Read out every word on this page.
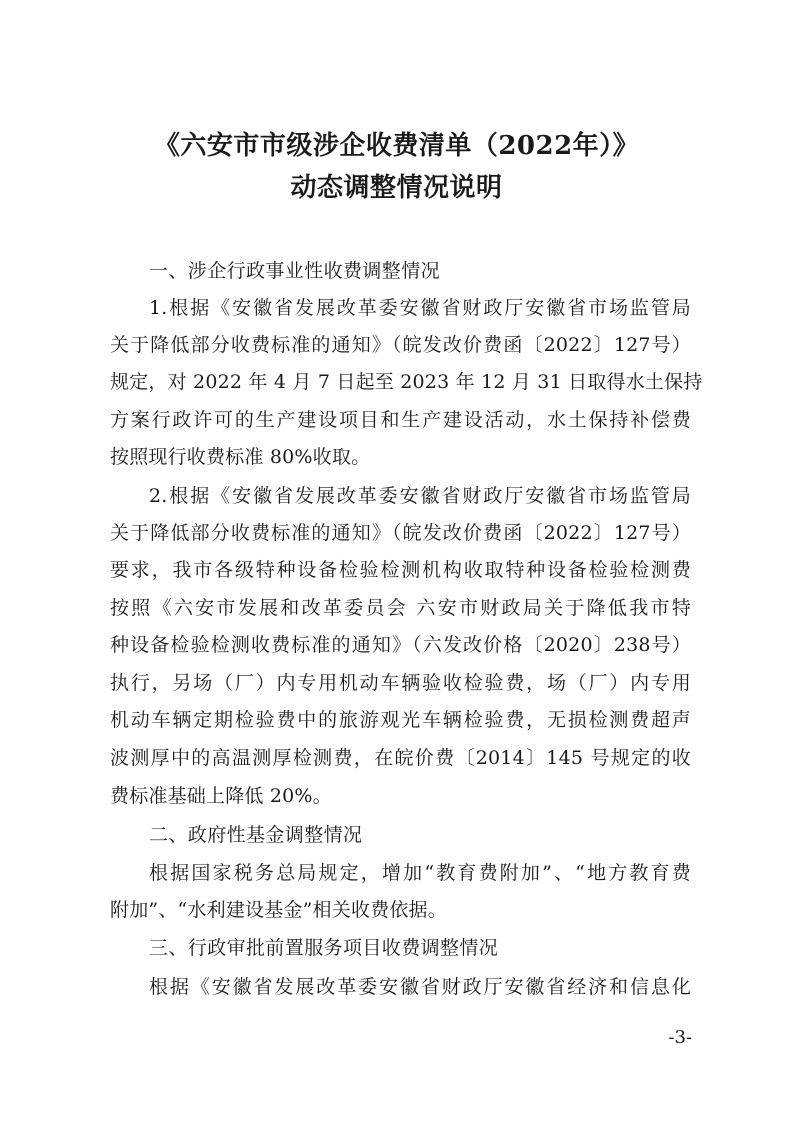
《六安市市级涉企收费清单（2022年）》
动态调整情况说明
一、涉企行政事业性收费调整情况
1.根据《安徽省发展改革委安徽省财政厅安徽省市场监管局
关于降低部分收费标准的通知》（皖发改价费函〔2022〕127号）
规定，对 2022 年 4 月 7 日起至 2023 年 12 月 31 日取得水土保持
方案行政许可的生产建设项目和生产建设活动，水土保持补偿费
按照现行收费标准 80%收取。
2.根据《安徽省发展改革委安徽省财政厅安徽省市场监管局
关于降低部分收费标准的通知》（皖发改价费函〔2022〕127号）
要求，我市各级特种设备检验检测机构收取特种设备检验检测费
按照《六安市发展和改革委员会 六安市财政局关于降低我市特
种设备检验检测收费标准的通知》（六发改价格〔2020〕238号）
执行，另场（厂）内专用机动车辆验收检验费，场（厂）内专用
机动车辆定期检验费中的旅游观光车辆检验费，无损检测费超声
波测厚中的高温测厚检测费，在皖价费〔2014〕145 号规定的收
费标准基础上降低 20%。
二、政府性基金调整情况
根据国家税务总局规定，增加“教育费附加”、“地方教育费
附加”、“水利建设基金”相关收费依据。
三、行政审批前置服务项目收费调整情况
根据《安徽省发展改革委安徽省财政厅安徽省经济和信息化
-3-
